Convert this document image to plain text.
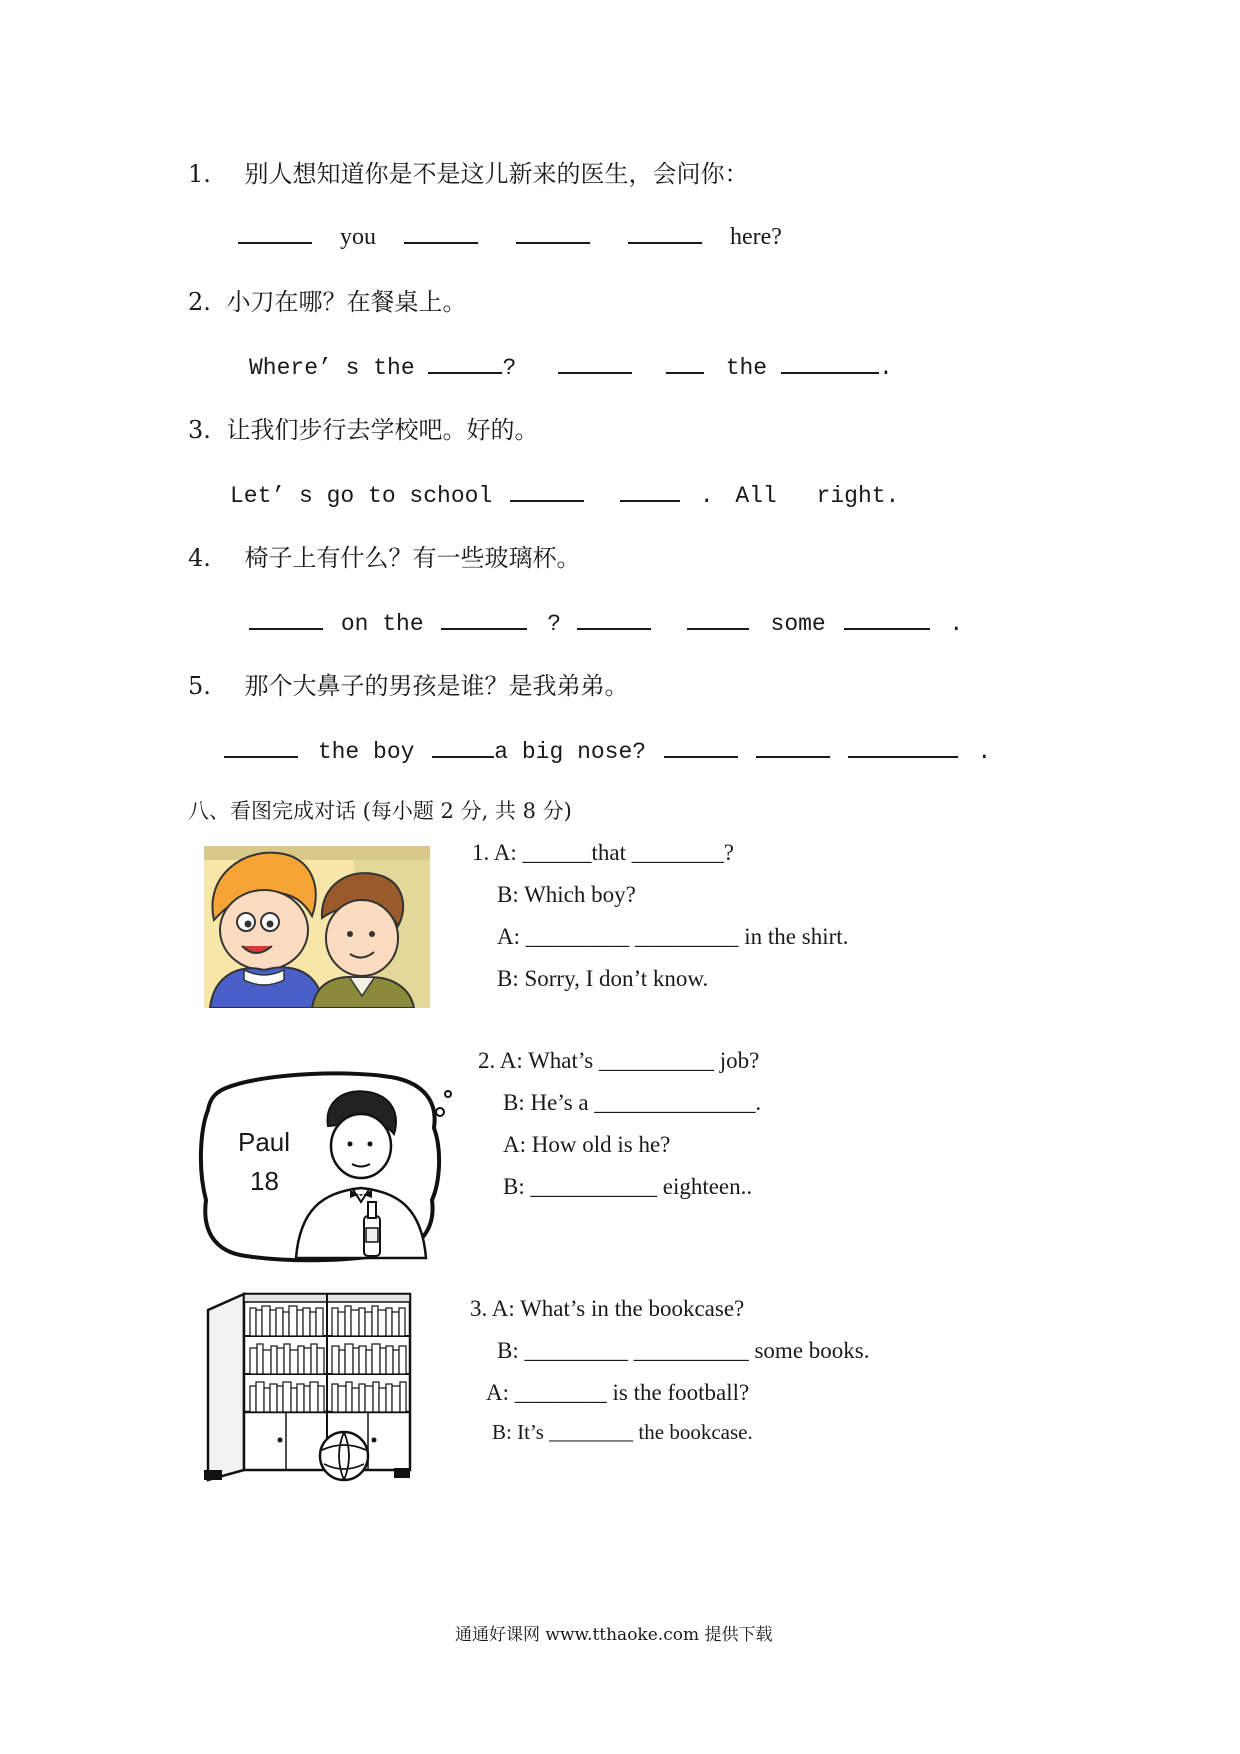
1. 别人想知道你是不是这儿新来的医生，会问你：
you	here?
2. 小刀在哪？在餐桌上。
Where’ s the	?	the	.
3. 让我们步行去学校吧。好的。
Let’ s go to school	. All right.
4. 椅子上有什么？有一些玻璃杯。
on the	?	some	.
5. 那个大鼻子的男孩是谁？是我弟弟。
the boy	a big nose?	.
八、看图完成对话 (每小题 2 分, 共 8 分)
1. A: ______that ________?
B: Which boy?
A: _________ _________ in the shirt.
B: Sorry, I don’t know.
Paul
18
2. A: What’s __________ job?
B: He’s a ______________.
A: How old is he?
B: ___________ eighteen..
3. A: What’s in the bookcase?
B: _________ __________ some books.
A: ________ is the football?
B: It’s ________ the bookcase.
通通好课网 www.tthaoke.com 提供下载
